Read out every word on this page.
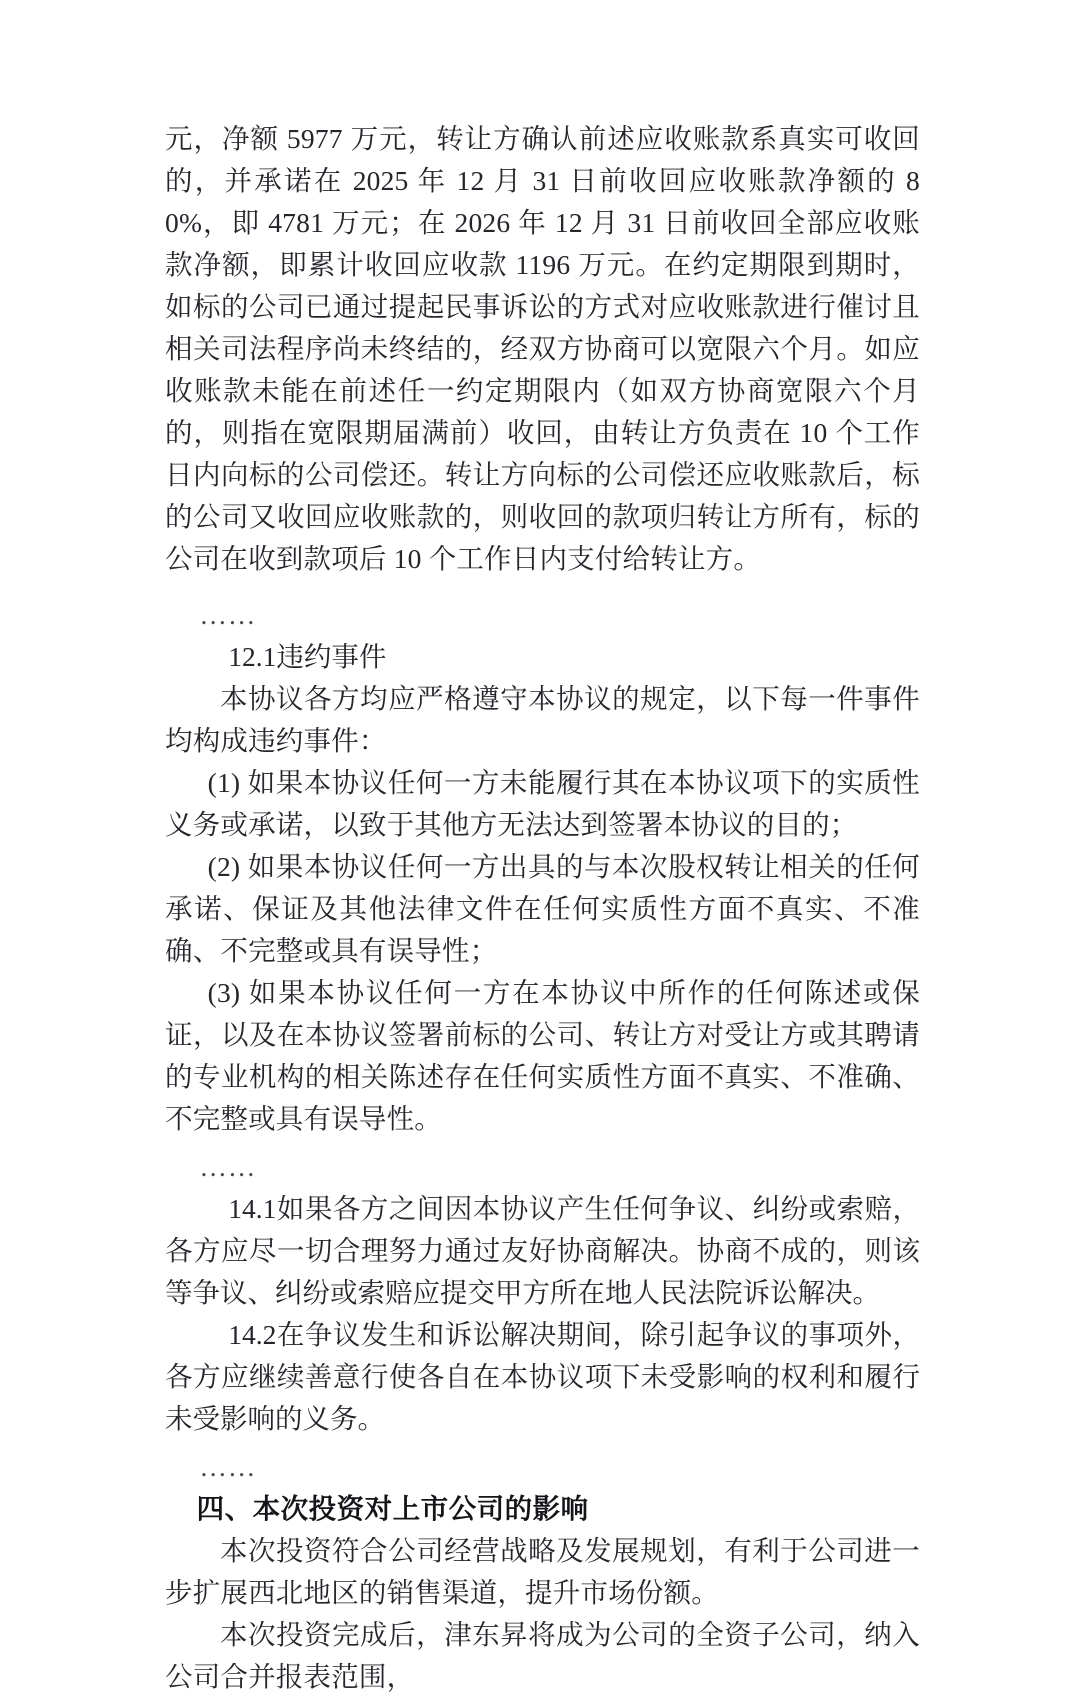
元，净额 5977 万元，转让方确认前述应收账款系真实可收回的，并承诺在 2025 年 12 月 31 日前收回应收账款净额的 80%，即 4781 万元；在 2026 年 12 月 31 日前收回全部应收账款净额，即累计收回应收款 1196 万元。在约定期限到期时，如标的公司已通过提起民事诉讼的方式对应收账款进行催讨且相关司法程序尚未终结的，经双方协商可以宽限六个月。如应收账款未能在前述任一约定期限内（如双方协商宽限六个月的，则指在宽限期届满前）收回，由转让方负责在 10 个工作日内向标的公司偿还。转让方向标的公司偿还应收账款后，标的公司又收回应收账款的，则收回的款项归转让方所有，标的公司在收到款项后 10 个工作日内支付给转让方。

……

12.1违约事件

本协议各方均应严格遵守本协议的规定，以下每一件事件均构成违约事件：

(1) 如果本协议任何一方未能履行其在本协议项下的实质性义务或承诺，以致于其他方无法达到签署本协议的目的；

(2) 如果本协议任何一方出具的与本次股权转让相关的任何承诺、保证及其他法律文件在任何实质性方面不真实、不准确、不完整或具有误导性；

(3) 如果本协议任何一方在本协议中所作的任何陈述或保证，以及在本协议签署前标的公司、转让方对受让方或其聘请的专业机构的相关陈述存在任何实质性方面不真实、不准确、不完整或具有误导性。

……

14.1如果各方之间因本协议产生任何争议、纠纷或索赔，各方应尽一切合理努力通过友好协商解决。协商不成的，则该等争议、纠纷或索赔应提交甲方所在地人民法院诉讼解决。

14.2在争议发生和诉讼解决期间，除引起争议的事项外，各方应继续善意行使各自在本协议项下未受影响的权利和履行未受影响的义务。

……

四、本次投资对上市公司的影响

本次投资符合公司经营战略及发展规划，有利于公司进一步扩展西北地区的销售渠道，提升市场份额。

本次投资完成后，津东昇将成为公司的全资子公司，纳入公司合并报表范围，
